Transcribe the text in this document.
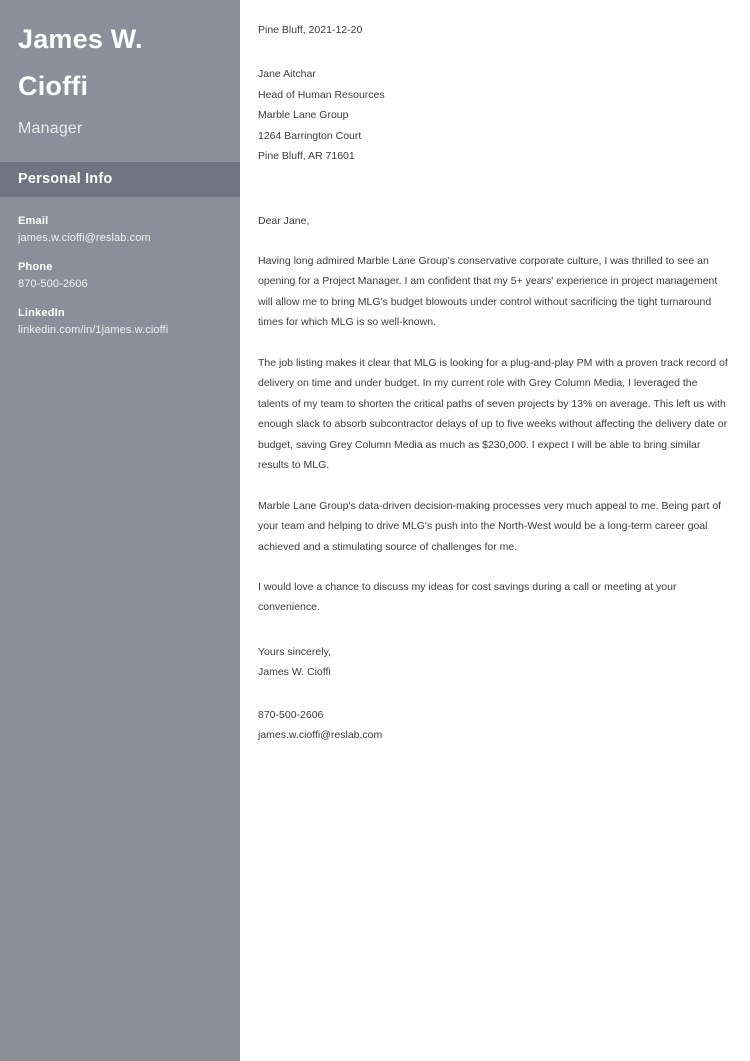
James W.
Cioffi
Manager
Personal Info
Email
james.w.cioffi@reslab.com
Phone
870-500-2606
LinkedIn
linkedin.com/in/1james.w.cioffi
Pine Bluff, 2021-12-20
Jane Aitchar
Head of Human Resources
Marble Lane Group
1264 Barrington Court
Pine Bluff, AR 71601
Dear Jane,

Having long admired Marble Lane Group's conservative corporate culture, I was thrilled to see an opening for a Project Manager. I am confident that my 5+ years' experience in project management will allow me to bring MLG's budget blowouts under control without sacrificing the tight turnaround times for which MLG is so well-known.

The job listing makes it clear that MLG is looking for a plug-and-play PM with a proven track record of delivery on time and under budget. In my current role with Grey Column Media, I leveraged the talents of my team to shorten the critical paths of seven projects by 13% on average. This left us with enough slack to absorb subcontractor delays of up to five weeks without affecting the delivery date or budget, saving Grey Column Media as much as $230,000. I expect I will be able to bring similar results to MLG.

Marble Lane Group's data-driven decision-making processes very much appeal to me. Being part of your team and helping to drive MLG's push into the North-West would be a long-term career goal achieved and a stimulating source of challenges for me.

I would love a chance to discuss my ideas for cost savings during a call or meeting at your convenience.

Yours sincerely,
James W. Cioffi
870-500-2606
james.w.cioffi@reslab.com
